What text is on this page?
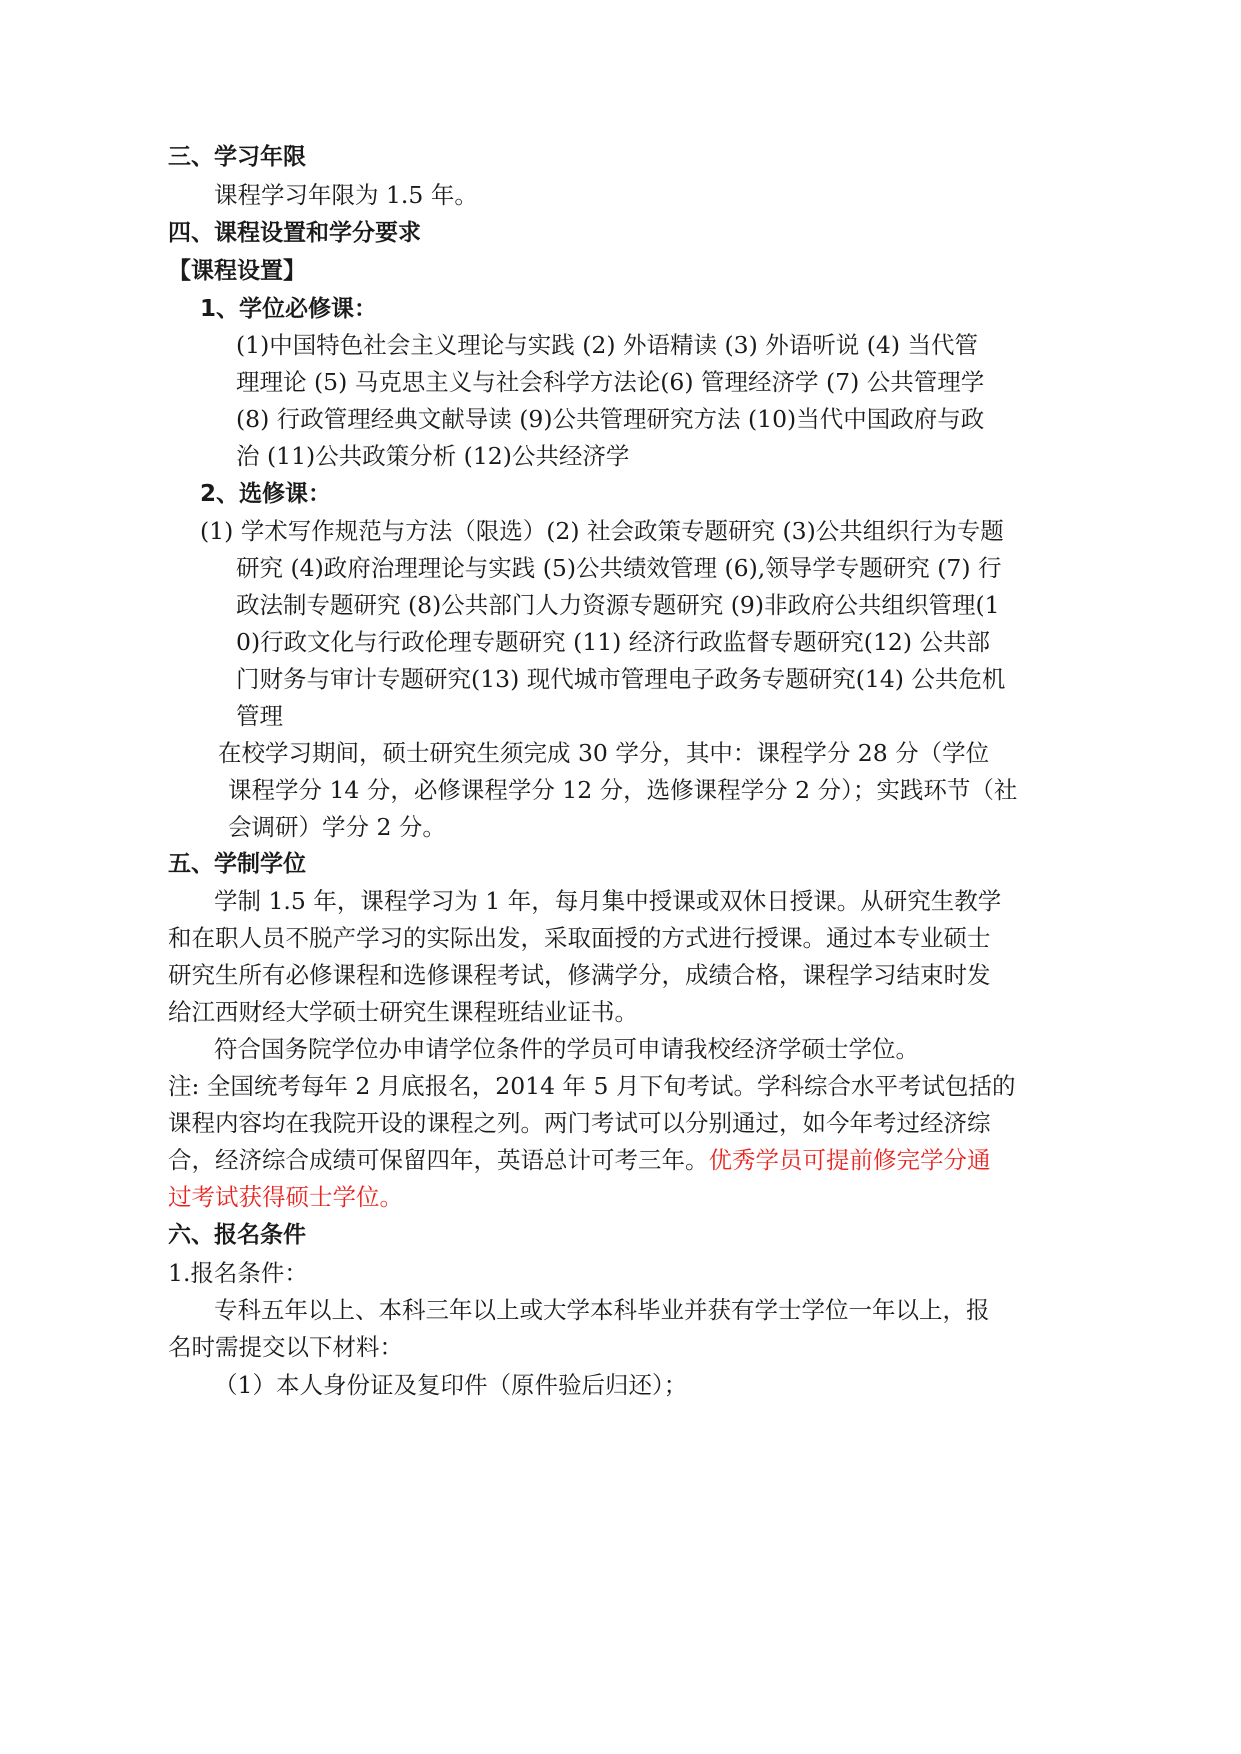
三、学习年限
课程学习年限为 1.5 年。
四、课程设置和学分要求
【课程设置】
1、学位必修课：
(1)中国特色社会主义理论与实践 (2) 外语精读 (3) 外语听说 (4) 当代管
理理论 (5) 马克思主义与社会科学方法论(6) 管理经济学 (7) 公共管理学
(8) 行政管理经典文献导读 (9)公共管理研究方法 (10)当代中国政府与政
治 (11)公共政策分析 (12)公共经济学
2、选修课：
(1) 学术写作规范与方法（限选）(2) 社会政策专题研究 (3)公共组织行为专题
研究 (4)政府治理理论与实践 (5)公共绩效管理 (6),领导学专题研究 (7) 行
政法制专题研究 (8)公共部门人力资源专题研究 (9)非政府公共组织管理(1
0)行政文化与行政伦理专题研究 (11) 经济行政监督专题研究(12) 公共部
门财务与审计专题研究(13) 现代城市管理电子政务专题研究(14) 公共危机
管理
在校学习期间，硕士研究生须完成 30 学分，其中：课程学分 28 分（学位
课程学分 14 分，必修课程学分 12 分，选修课程学分 2 分）；实践环节（社
会调研）学分 2 分。
五、学制学位
学制 1.5 年，课程学习为 1 年，每月集中授课或双休日授课。从研究生教学
和在职人员不脱产学习的实际出发，采取面授的方式进行授课。通过本专业硕士
研究生所有必修课程和选修课程考试，修满学分，成绩合格，课程学习结束时发
给江西财经大学硕士研究生课程班结业证书。
符合国务院学位办申请学位条件的学员可申请我校经济学硕士学位。
注: 全国统考每年 2 月底报名，2014 年 5 月下旬考试。学科综合水平考试包括的
课程内容均在我院开设的课程之列。两门考试可以分别通过，如今年考过经济综
合，经济综合成绩可保留四年，英语总计可考三年。优秀学员可提前修完学分通
过考试获得硕士学位。
六、报名条件
1.报名条件：
专科五年以上、本科三年以上或大学本科毕业并获有学士学位一年以上，报
名时需提交以下材料：
（1）本人身份证及复印件（原件验后归还）；
